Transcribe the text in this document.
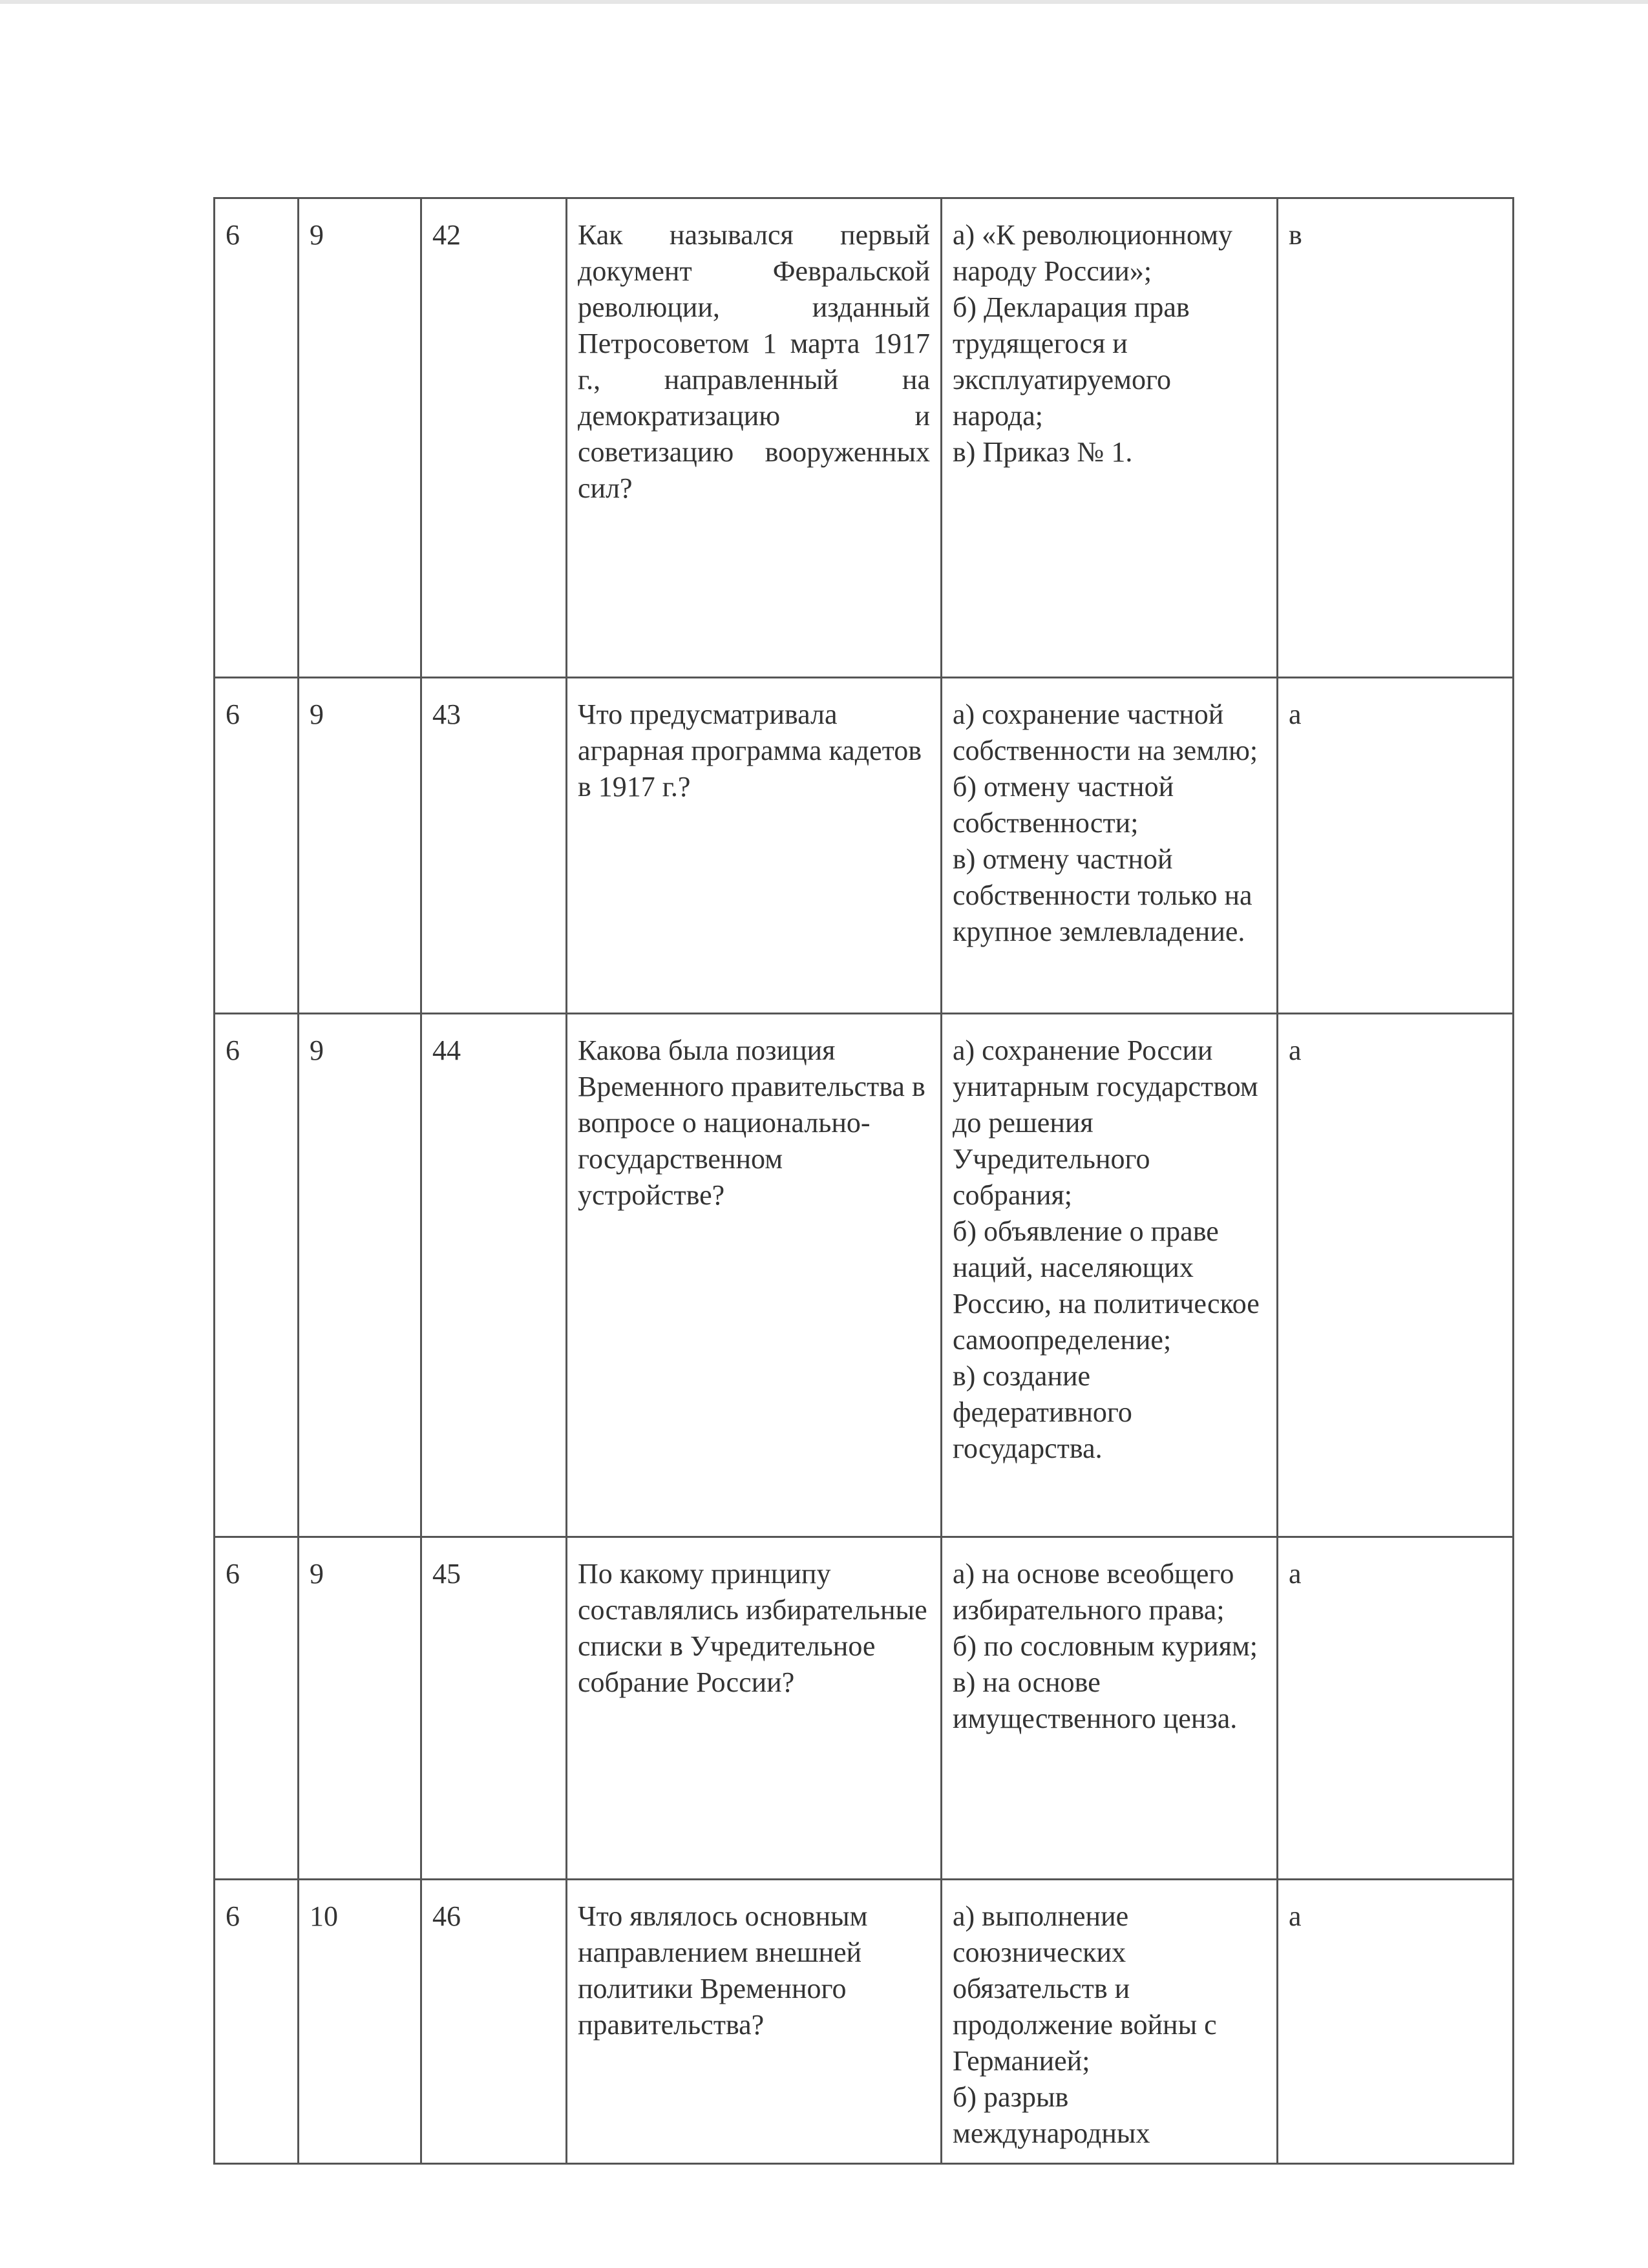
6	9	42	Как назывался первый документ Февральской революции, изданный Петросоветом 1 марта 1917 г., направленный на демократизацию и советизацию вооруженных сил?	а) «К революционному народу России»;
б) Декларация прав трудящегося и эксплуатируемого народа;
в) Приказ № 1.	в
6	9	43	Что предусматривала аграрная программа кадетов в 1917 г.?	а) сохранение частной собственности на землю;
б) отмену частной собственности;
в) отмену частной собственности только на крупное землевладение.	а
6	9	44	Какова была позиция Временного правительства в вопросе о национально-государственном устройстве?	а) сохранение России унитарным государством до решения Учредительного собрания;
б) объявление о праве наций, населяющих Россию, на политическое самоопределение;
в) создание федеративного государства.	а
6	9	45	По какому принципу составлялись избирательные списки в Учредительное собрание России?	а) на основе всеобщего избирательного права;
б) по сословным куриям;
в) на основе имущественного ценза.	а
6	10	46	Что являлось основным направлением внешней политики Временного правительства?	а) выполнение союзнических обязательств и продолжение войны с Германией;
б) разрыв международных	а
